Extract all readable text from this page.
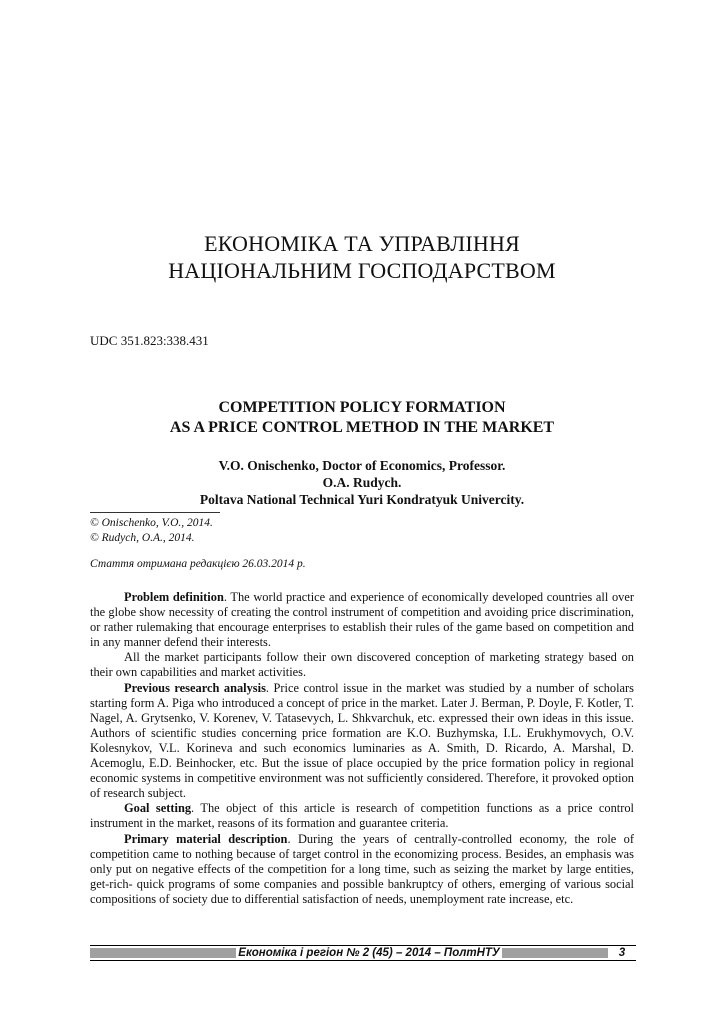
ЕКОНОМІКА ТА УПРАВЛІННЯ
НАЦІОНАЛЬНИМ ГОСПОДАРСТВОМ
UDC 351.823:338.431
COMPETITION POLICY FORMATION
AS A PRICE CONTROL METHOD IN THE MARKET
V.O. Onischenko, Doctor of Economics, Professor.
O.A. Rudych.
Poltava National Technical Yuri Kondratyuk Univercity.
© Onischenko, V.O., 2014.
© Rudych, O.A., 2014.
Стаття отримана редакцією 26.03.2014 р.

Problem definition. The world practice and experience of economically developed countries all over the globe show necessity of creating the control instrument of competition and avoiding price discrimination, or rather rulemaking that encourage enterprises to establish their rules of the game based on competition and in any manner defend their interests.

All the market participants follow their own discovered conception of marketing strategy based on their own capabilities and market activities.

Previous research analysis. Price control issue in the market was studied by a number of scholars starting form A. Piga who introduced a concept of price in the market. Later J. Berman, P. Doyle, F. Kotler, T. Nagel, A. Grytsenko, V. Korenev, V. Tatasevych, L. Shkvarchuk, etc. expressed their own ideas in this issue. Authors of scientific studies concerning price formation are K.O. Buzhymska, I.L. Erukhymovych, O.V. Kolesnykov, V.L. Korineva and such economics luminaries as A. Smith, D. Ricardo, A. Marshal, D. Acemoglu, E.D. Beinhocker, etc. But the issue of place occupied by the price formation policy in regional economic systems in competitive environment was not sufficiently considered. Therefore, it provoked option of research subject.

Goal setting. The object of this article is research of competition functions as a price control instrument in the market, reasons of its formation and guarantee criteria.

Primary material description. During the years of centrally-controlled economy, the role of competition came to nothing because of target control in the economizing process. Besides, an emphasis was only put on negative effects of the competition for a long time, such as seizing the market by large entities, get-rich- quick programs of some companies and possible bankruptcy of others, emerging of various social compositions of society due to differential satisfaction of needs, unemployment rate increase, etc.

Економіка і регіон № 2 (45) – 2014 – ПолтНТУ	3
